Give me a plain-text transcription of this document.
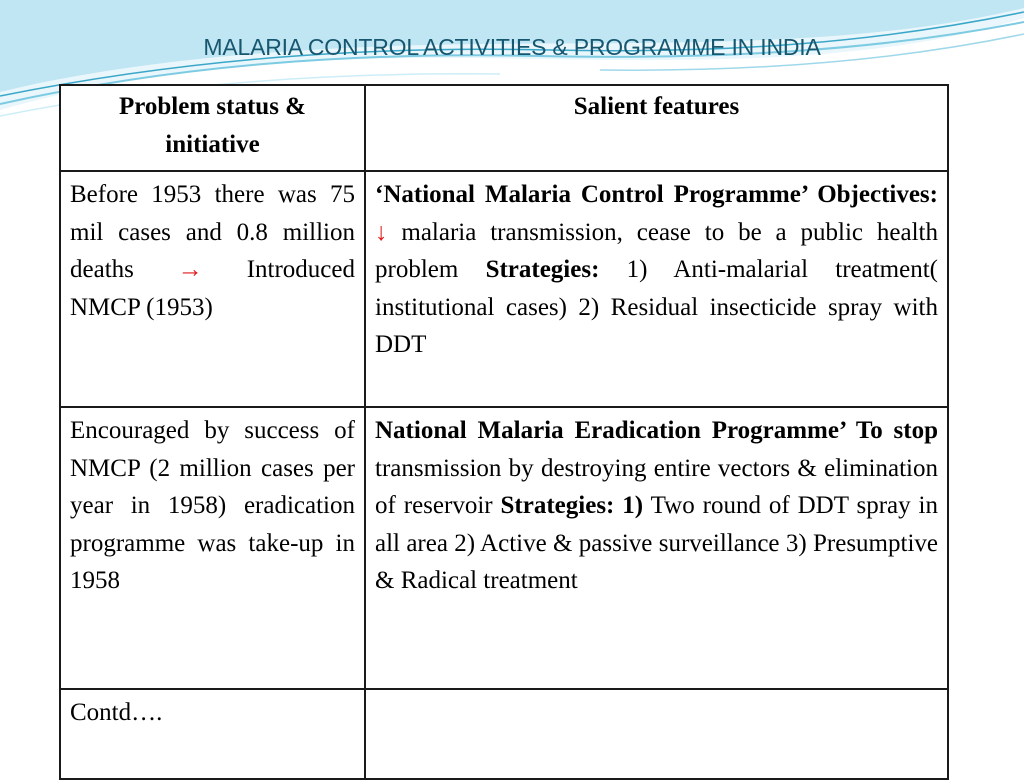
MALARIA CONTROL ACTIVITIES & PROGRAMME IN INDIA
Problem status & initiative	Salient features
Before 1953 there was 75 mil cases and 0.8 million deaths → Introduced NMCP (1953)	‘National Malaria Control Programme’ Objectives: ↓ malaria transmission, cease to be a public health problem Strategies: 1) Anti-malarial treatment( institutional cases) 2) Residual insecticide spray with DDT
Encouraged by success of NMCP (2 million cases per year in 1958) eradication programme was take-up in 1958	National Malaria Eradication Programme’ To stop transmission by destroying entire vectors & elimination of reservoir Strategies: 1) Two round of DDT spray in all area 2) Active & passive surveillance 3) Presumptive & Radical treatment
Contd….	
